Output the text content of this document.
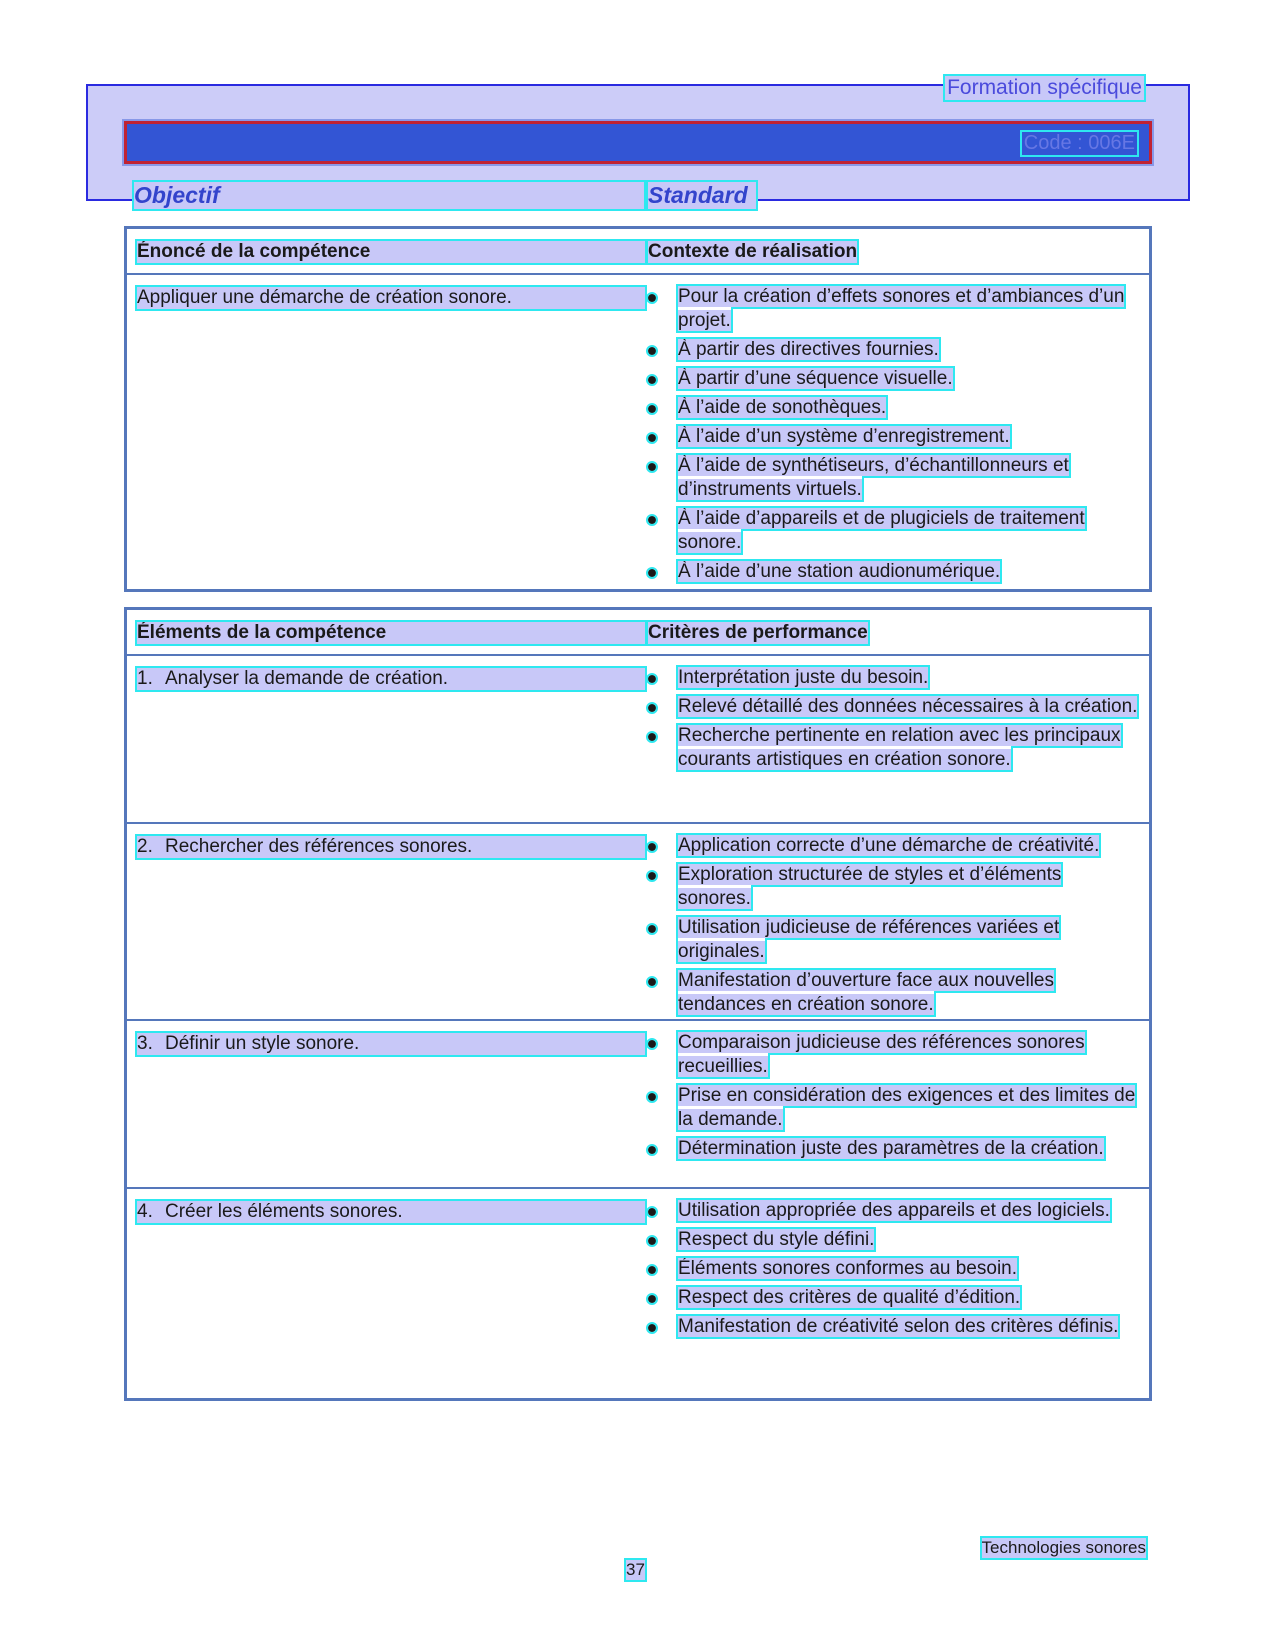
Formation spécifique
Code : 006E
Objectif	Standard
Énoncé de la compétence	Contexte de réalisation
Appliquer une démarche de création sonore.	Pour la création d’effets sonores et d’ambiances d’un projet.
À partir des directives fournies.
À partir d’une séquence visuelle.
À l’aide de sonothèques.
À l’aide d’un système d’enregistrement.
À l’aide de synthétiseurs, d’échantillonneurs et d’instruments virtuels.
À l’aide d’appareils et de plugiciels de traitement sonore.
À l’aide d’une station audionumérique.
Éléments de la compétence	Critères de performance
1. Analyser la demande de création.	Interprétation juste du besoin.
Relevé détaillé des données nécessaires à la création.
Recherche pertinente en relation avec les principaux courants artistiques en création sonore.
2. Rechercher des références sonores.	Application correcte d’une démarche de créativité.
Exploration structurée de styles et d’éléments sonores.
Utilisation judicieuse de références variées et originales.
Manifestation d’ouverture face aux nouvelles tendances en création sonore.
3. Définir un style sonore.	Comparaison judicieuse des références sonores recueillies.
Prise en considération des exigences et des limites de la demande.
Détermination juste des paramètres de la création.
4. Créer les éléments sonores.	Utilisation appropriée des appareils et des logiciels.
Respect du style défini.
Éléments sonores conformes au besoin.
Respect des critères de qualité d’édition.
Manifestation de créativité selon des critères définis.
Technologies sonores
37
